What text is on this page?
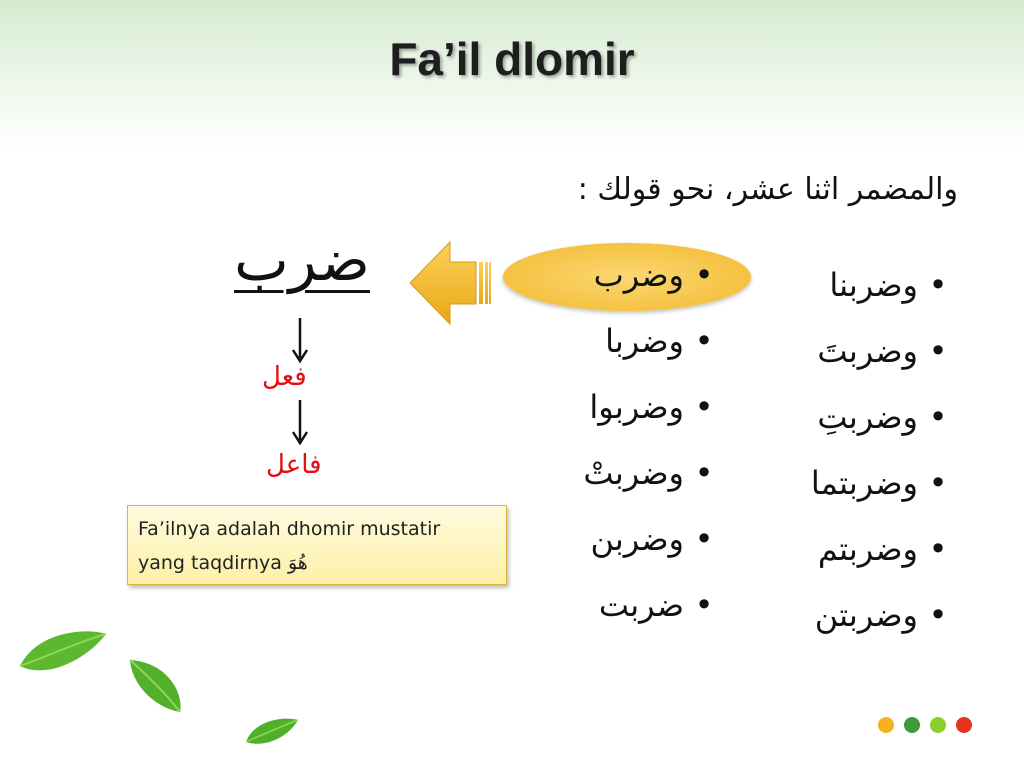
Fa’il dlomir
والمضمر اثنا عشر، نحو قولك :
•وضربنا
•وضربتَ
•وضربتِ
•وضربتما
•وضربتم
•وضربتن
•وضرب
•وضربا
•وضربوا
•وضربتْ
•وضربن
•ضربت
ضرب
فعل
فاعل
Fa’ilnya adalah dhomir mustatir
yang taqdirnya هُوَ
